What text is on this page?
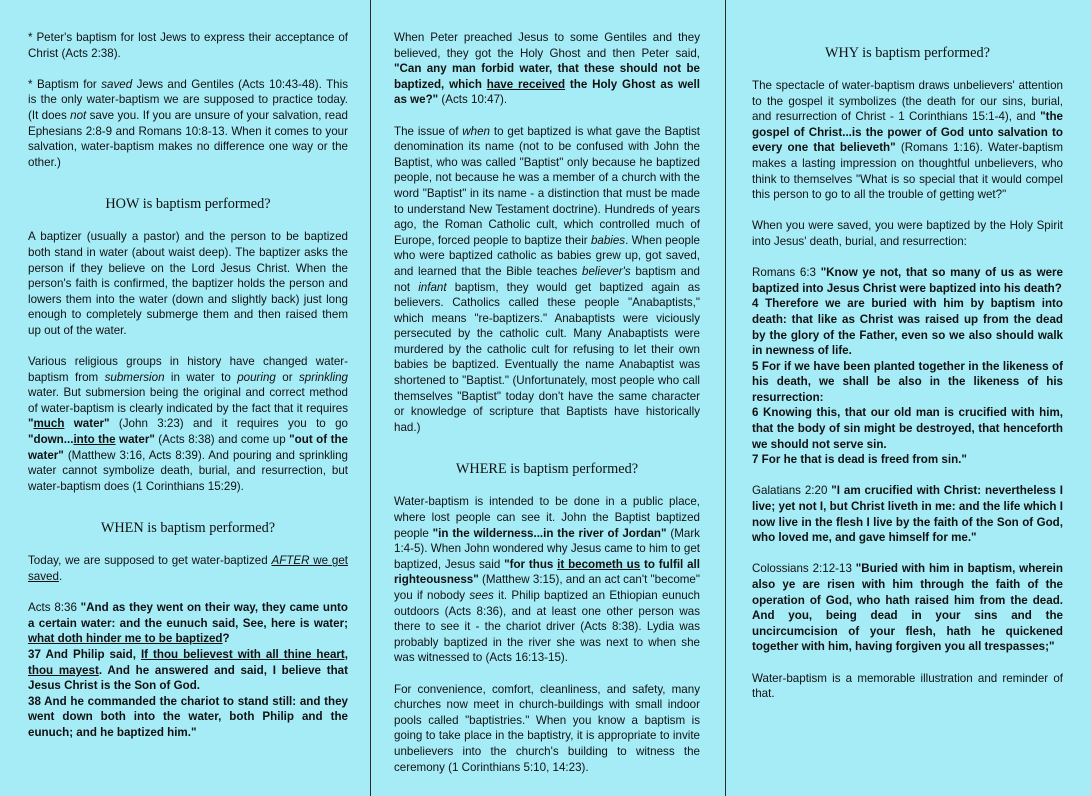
* Peter's baptism for lost Jews to express their acceptance of Christ (Acts 2:38).

* Baptism for saved Jews and Gentiles (Acts 10:43-48). This is the only water-baptism we are supposed to practice today. (It does not save you. If you are unsure of your salvation, read Ephesians 2:8-9 and Romans 10:8-13. When it comes to your salvation, water-baptism makes no difference one way or the other.)

HOW is baptism performed?

A baptizer (usually a pastor) and the person to be baptized both stand in water (about waist deep). The baptizer asks the person if they believe on the Lord Jesus Christ. When the person's faith is confirmed, the baptizer holds the person and lowers them into the water (down and slightly back) just long enough to completely submerge them and then raised them up out of the water.

Various religious groups in history have changed water-baptism from submersion in water to pouring or sprinkling water. But submersion being the original and correct method of water-baptism is clearly indicated by the fact that it requires "much water" (John 3:23) and it requires you to go "down...into the water" (Acts 8:38) and come up "out of the water" (Matthew 3:16, Acts 8:39). And pouring and sprinkling water cannot symbolize death, burial, and resurrection, but water-baptism does (1 Corinthians 15:29).

WHEN is baptism performed?

Today, we are supposed to get water-baptized AFTER we get saved.

Acts 8:36 "And as they went on their way, they came unto a certain water: and the eunuch said, See, here is water; what doth hinder me to be baptized?
37 And Philip said, If thou believest with all thine heart, thou mayest. And he answered and said, I believe that Jesus Christ is the Son of God.
38 And he commanded the chariot to stand still: and they went down both into the water, both Philip and the eunuch; and he baptized him."

When Peter preached Jesus to some Gentiles and they believed, they got the Holy Ghost and then Peter said, "Can any man forbid water, that these should not be baptized, which have received the Holy Ghost as well as we?" (Acts 10:47).

The issue of when to get baptized is what gave the Baptist denomination its name (not to be confused with John the Baptist, who was called "Baptist" only because he baptized people, not because he was a member of a church with the word "Baptist" in its name - a distinction that must be made to understand New Testament doctrine). Hundreds of years ago, the Roman Catholic cult, which controlled much of Europe, forced people to baptize their babies. When people who were baptized catholic as babies grew up, got saved, and learned that the Bible teaches believer's baptism and not infant baptism, they would get baptized again as believers. Catholics called these people "Anabaptists," which means "re-baptizers." Anabaptists were viciously persecuted by the catholic cult. Many Anabaptists were murdered by the catholic cult for refusing to let their own babies be baptized. Eventually the name Anabaptist was shortened to "Baptist." (Unfortunately, most people who call themselves "Baptist" today don't have the same character or knowledge of scripture that Baptists have historically had.)

WHERE is baptism performed?

Water-baptism is intended to be done in a public place, where lost people can see it. John the Baptist baptized people "in the wilderness...in the river of Jordan" (Mark 1:4-5). When John wondered why Jesus came to him to get baptized, Jesus said "for thus it becometh us to fulfil all righteousness" (Matthew 3:15), and an act can't "become" you if nobody sees it. Philip baptized an Ethiopian eunuch outdoors (Acts 8:36), and at least one other person was there to see it - the chariot driver (Acts 8:38). Lydia was probably baptized in the river she was next to when she was witnessed to (Acts 16:13-15).

For convenience, comfort, cleanliness, and safety, many churches now meet in church-buildings with small indoor pools called "baptistries." When you know a baptism is going to take place in the baptistry, it is appropriate to invite unbelievers into the church's building to witness the ceremony (1 Corinthians 5:10, 14:23).

WHY is baptism performed?

The spectacle of water-baptism draws unbelievers' attention to the gospel it symbolizes (the death for our sins, burial, and resurrection of Christ - 1 Corinthians 15:1-4), and "the gospel of Christ...is the power of God unto salvation to every one that believeth" (Romans 1:16). Water-baptism makes a lasting impression on thoughtful unbelievers, who think to themselves "What is so special that it would compel this person to go to all the trouble of getting wet?"

When you were saved, you were baptized by the Holy Spirit into Jesus' death, burial, and resurrection:

Romans 6:3 "Know ye not, that so many of us as were baptized into Jesus Christ were baptized into his death?
4 Therefore we are buried with him by baptism into death: that like as Christ was raised up from the dead by the glory of the Father, even so we also should walk in newness of life.
5 For if we have been planted together in the likeness of his death, we shall be also in the likeness of his resurrection:
6 Knowing this, that our old man is crucified with him, that the body of sin might be destroyed, that henceforth we should not serve sin.
7 For he that is dead is freed from sin."

Galatians 2:20 "I am crucified with Christ: nevertheless I live; yet not I, but Christ liveth in me: and the life which I now live in the flesh I live by the faith of the Son of God, who loved me, and gave himself for me."

Colossians 2:12-13 "Buried with him in baptism, wherein also ye are risen with him through the faith of the operation of God, who hath raised him from the dead. And you, being dead in your sins and the uncircumcision of your flesh, hath he quickened together with him, having forgiven you all trespasses;"

Water-baptism is a memorable illustration and reminder of that.
